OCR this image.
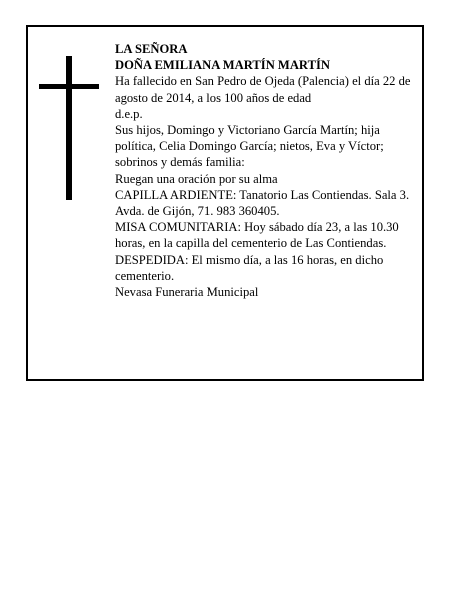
LA SEÑORA

DOÑA EMILIANA MARTÍN MARTÍN

Ha fallecido en San Pedro de Ojeda (Palencia) el día 22 de agosto de 2014, a los 100 años de edad

d.e.p.

Sus hijos, Domingo y Victoriano García Martín; hija política, Celia Domingo García; nietos, Eva y Víctor; sobrinos y demás familia:

Ruegan una oración por su alma

CAPILLA ARDIENTE: Tanatorio Las Contiendas. Sala 3. Avda. de Gijón, 71. 983 360405.

MISA COMUNITARIA: Hoy sábado día 23, a las 10.30 horas, en la capilla del cementerio de Las Contiendas.

DESPEDIDA: El mismo día, a las 16 horas, en dicho cementerio.

Nevasa Funeraria Municipal
